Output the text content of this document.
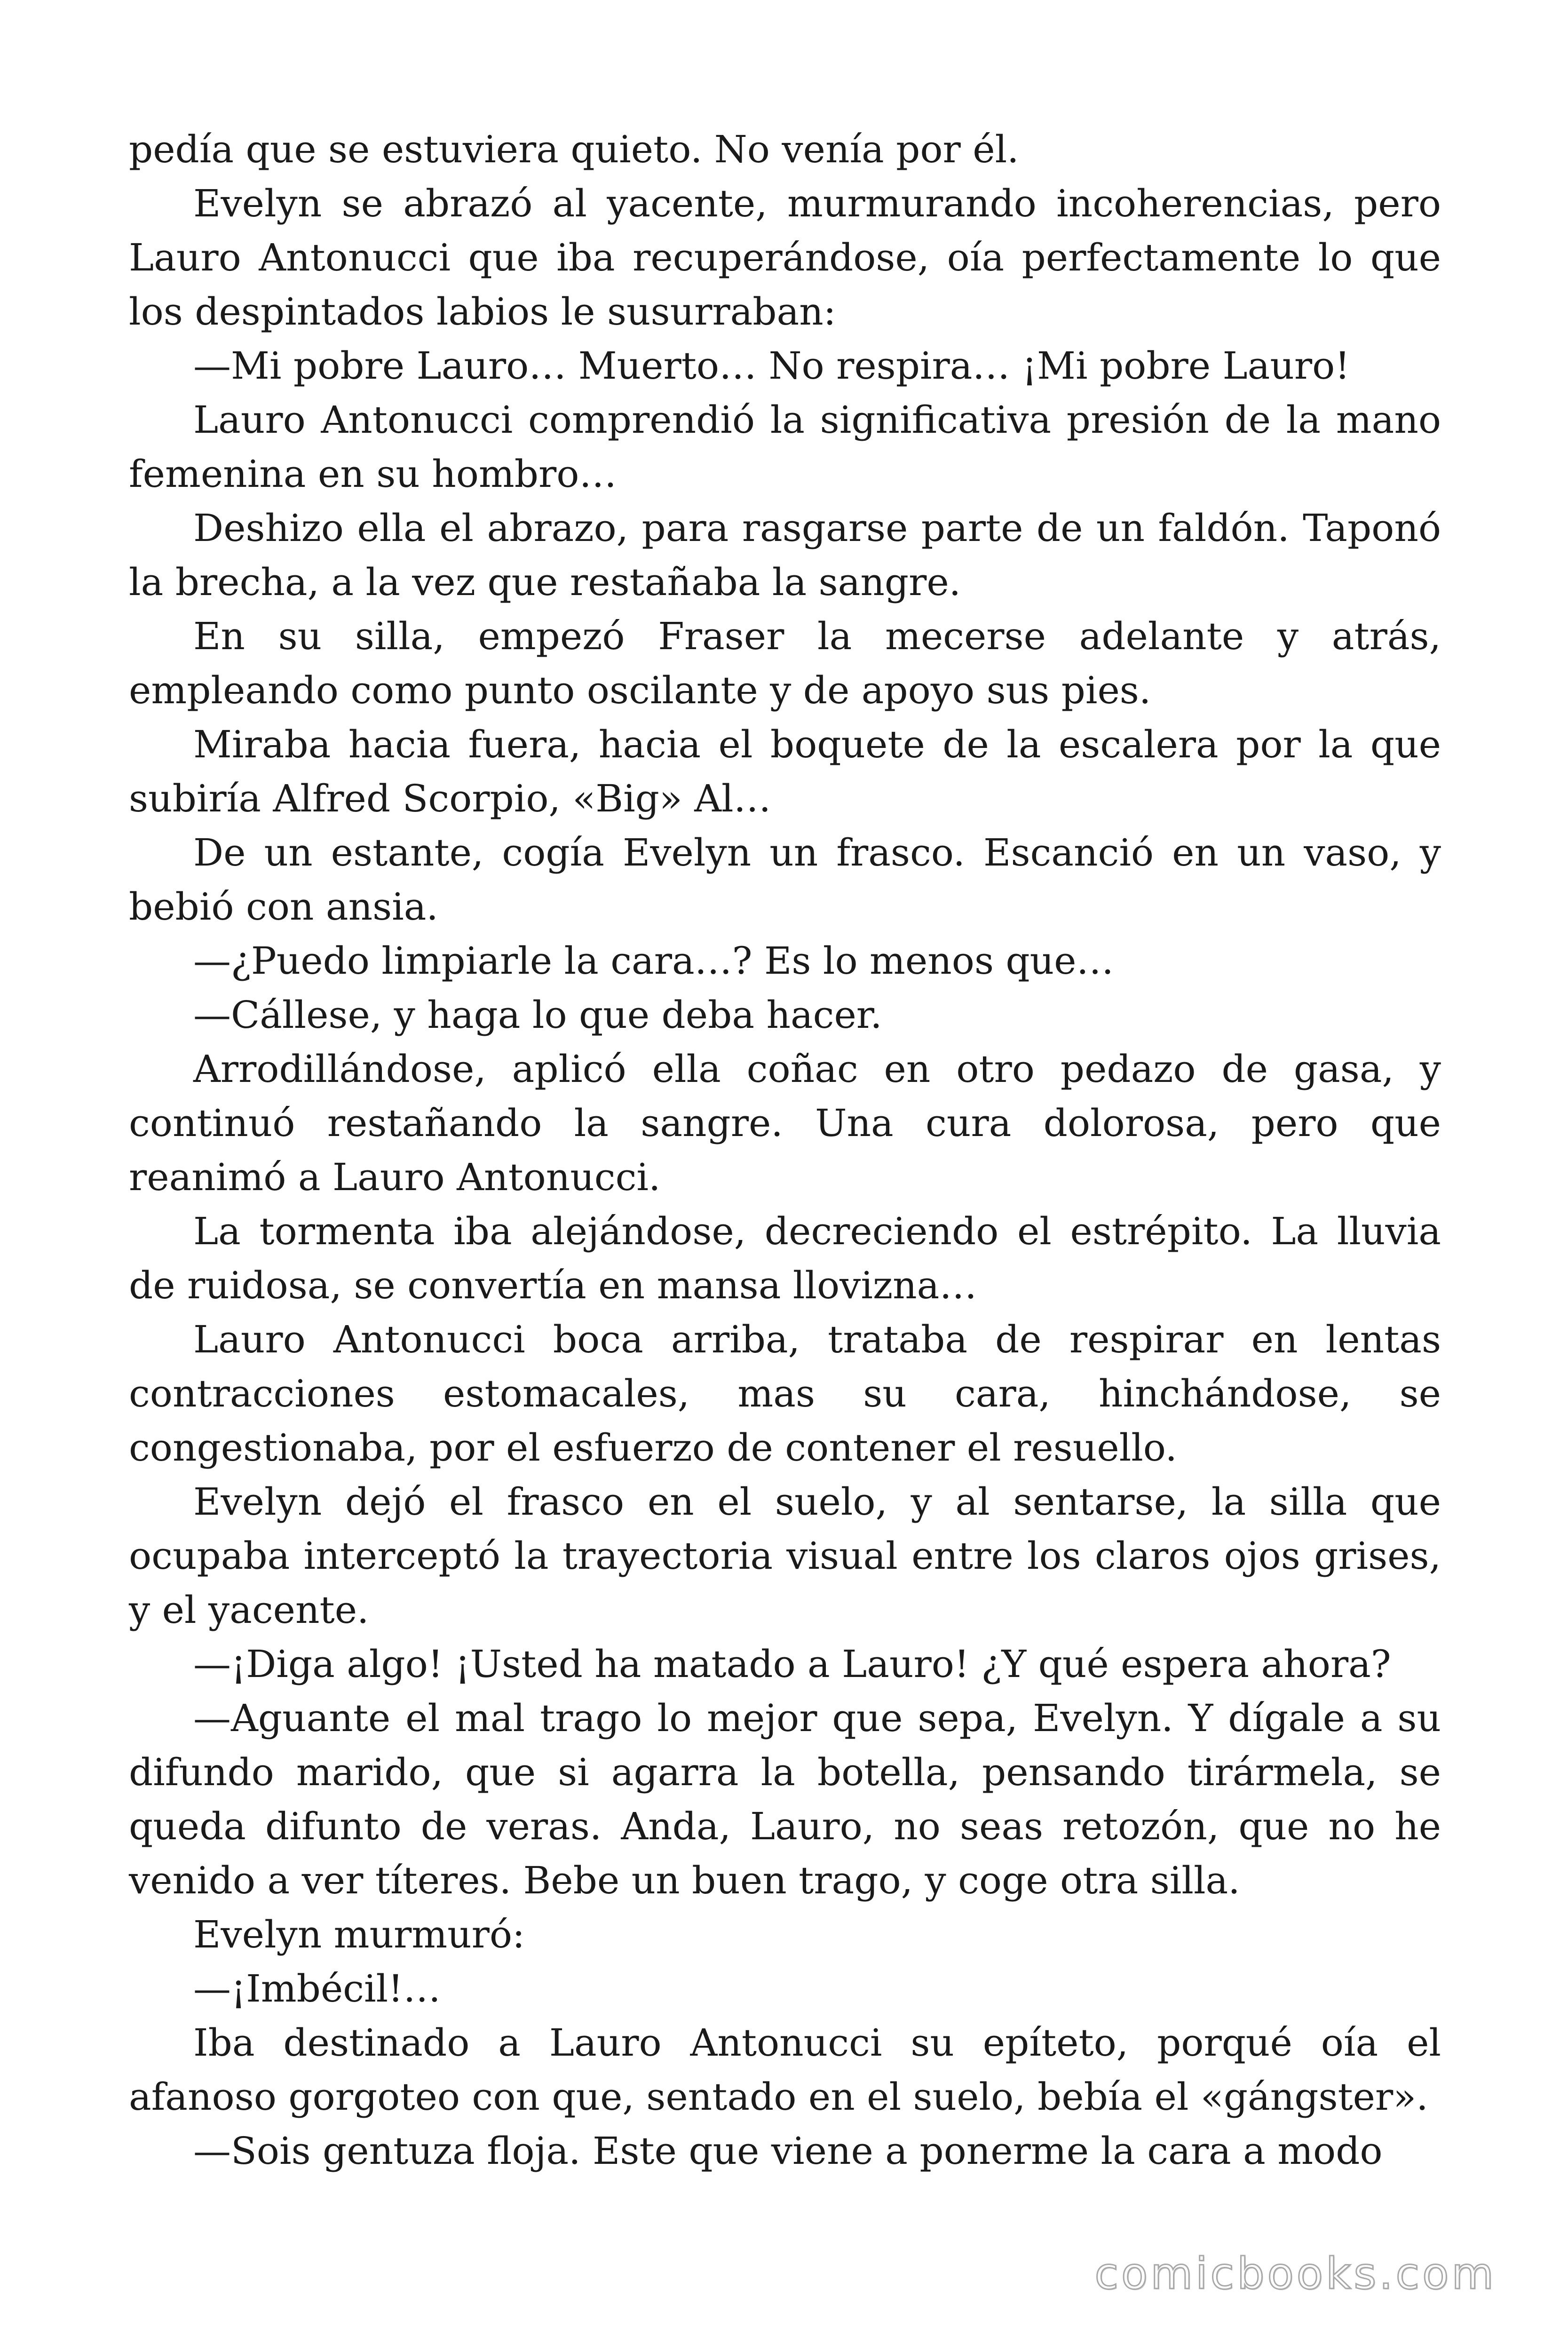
pedía que se estuviera quieto. No venía por él.

Evelyn se abrazó al yacente, murmurando incoherencias, pero Lauro Antonucci que iba recuperándose, oía perfectamente lo que los despintados labios le susurraban:

—Mi pobre Lauro… Muerto… No respira… ¡Mi pobre Lauro!

Lauro Antonucci comprendió la significativa presión de la mano femenina en su hombro…

Deshizo ella el abrazo, para rasgarse parte de un faldón. Taponó la brecha, a la vez que restañaba la sangre.

En su silla, empezó Fraser la mecerse adelante y atrás, empleando como punto oscilante y de apoyo sus pies.

Miraba hacia fuera, hacia el boquete de la escalera por la que subiría Alfred Scorpio, «Big» Al…

De un estante, cogía Evelyn un frasco. Escanció en un vaso, y bebió con ansia.

—¿Puedo limpiarle la cara…? Es lo menos que…

—Cállese, y haga lo que deba hacer.

Arrodillándose, aplicó ella coñac en otro pedazo de gasa, y continuó restañando la sangre. Una cura dolorosa, pero que reanimó a Lauro Antonucci.

La tormenta iba alejándose, decreciendo el estrépito. La lluvia de ruidosa, se convertía en mansa llovizna…

Lauro Antonucci boca arriba, trataba de respirar en lentas contracciones estomacales, mas su cara, hinchándose, se congestionaba, por el esfuerzo de contener el resuello.

Evelyn dejó el frasco en el suelo, y al sentarse, la silla que ocupaba interceptó la trayectoria visual entre los claros ojos grises, y el yacente.

—¡Diga algo! ¡Usted ha matado a Lauro! ¿Y qué espera ahora?

—Aguante el mal trago lo mejor que sepa, Evelyn. Y dígale a su difundo marido, que si agarra la botella, pensando tirármela, se queda difunto de veras. Anda, Lauro, no seas retozón, que no he venido a ver títeres. Bebe un buen trago, y coge otra silla.

Evelyn murmuró:

—¡Imbécil!…

Iba destinado a Lauro Antonucci su epíteto, porqué oía el afanoso gorgoteo con que, sentado en el suelo, bebía el «gángster».

—Sois gentuza floja. Este que viene a ponerme la cara a modo

comicbooks.com
